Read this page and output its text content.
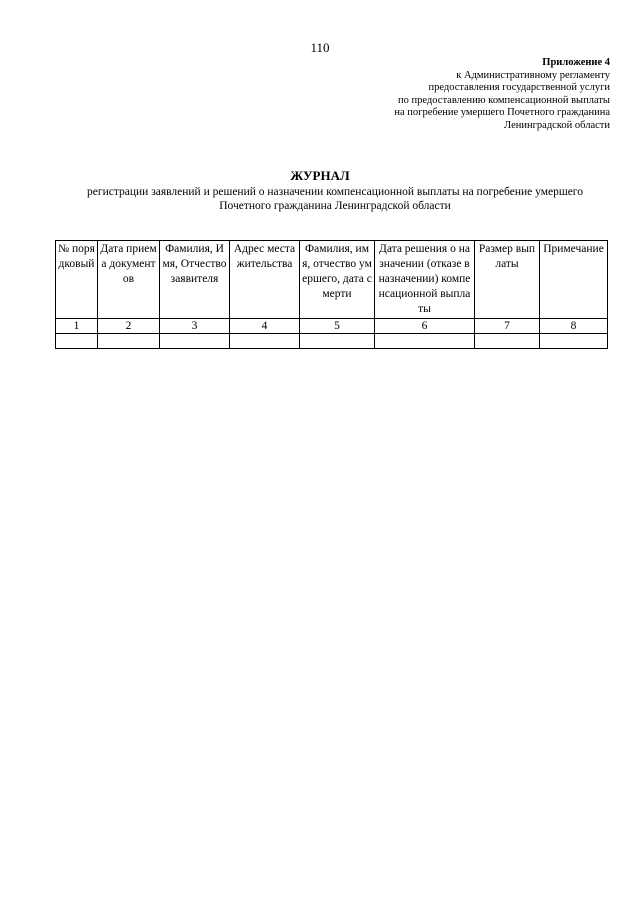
110
Приложение 4
к Административному регламенту
предоставления государственной услуги
по предоставлению компенсационной выплаты
на погребение умершего Почетного гражданина
Ленинградской области
ЖУРНАЛ
регистрации заявлений и решений о назначении компенсационной выплаты на погребение умершего Почетного гражданина Ленинградской области
№ порядковый	Дата приема документов	Фамилия, Имя, Отчество заявителя	Адрес места жительства	Фамилия, имя, отчество умершего, дата смерти	Дата решения о назначении (отказе в назначении) компенсационной выплаты	Размер выплаты	Примечание
1	2	3	4	5	6	7	8
